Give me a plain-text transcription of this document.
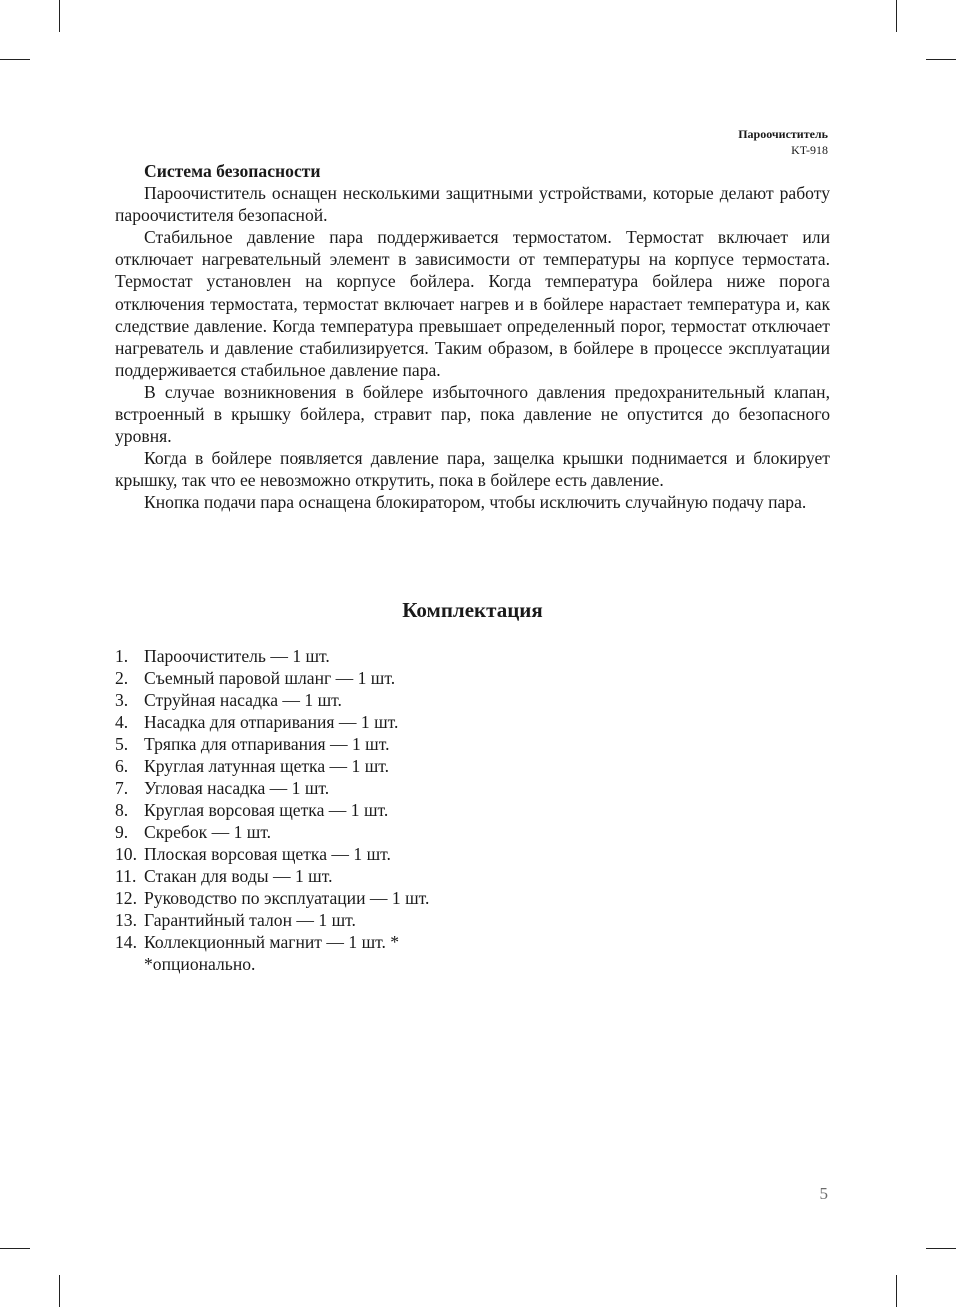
Пароочиститель
KT-918

Система безопасности

Пароочиститель оснащен несколькими защитными устройствами, которые делают работу пароочистителя безопасной.

Стабильное давление пара поддерживается термостатом. Термостат включает или отключает нагревательный элемент в зависимости от температуры на корпусе термостата. Термостат установлен на корпусе бойлера. Когда температура бойлера ниже порога отключения термостата, термостат включает нагрев и в бойлере нарастает температура и, как следствие давление. Когда температура превышает определенный порог, термостат отключает нагреватель и давление стабилизируется. Таким образом, в бойлере в процессе эксплуатации поддерживается стабильное давление пара.

В случае возникновения в бойлере избыточного давления предохранительный клапан, встроенный в крышку бойлера, стравит пар, пока давление не опустится до безопасного уровня.

Когда в бойлере появляется давление пара, защелка крышки поднимается и блокирует крышку, так что ее невозможно открутить, пока в бойлере есть давление.

Кнопка подачи пара оснащена блокиратором, чтобы исключить случайную подачу пара.

Комплектация
1. Пароочиститель — 1 шт.
2. Съемный паровой шланг — 1 шт.
3. Струйная насадка — 1 шт.
4. Насадка для отпаривания — 1 шт.
5. Тряпка для отпаривания — 1 шт.
6. Круглая латунная щетка — 1 шт.
7. Угловая насадка — 1 шт.
8. Круглая ворсовая щетка — 1 шт.
9. Скребок — 1 шт.
10. Плоская ворсовая щетка — 1 шт.
11. Стакан для воды — 1 шт.
12. Руководство по эксплуатации — 1 шт.
13. Гарантийный талон — 1 шт.
14. Коллекционный магнит — 1 шт. *
*опционально.
5
